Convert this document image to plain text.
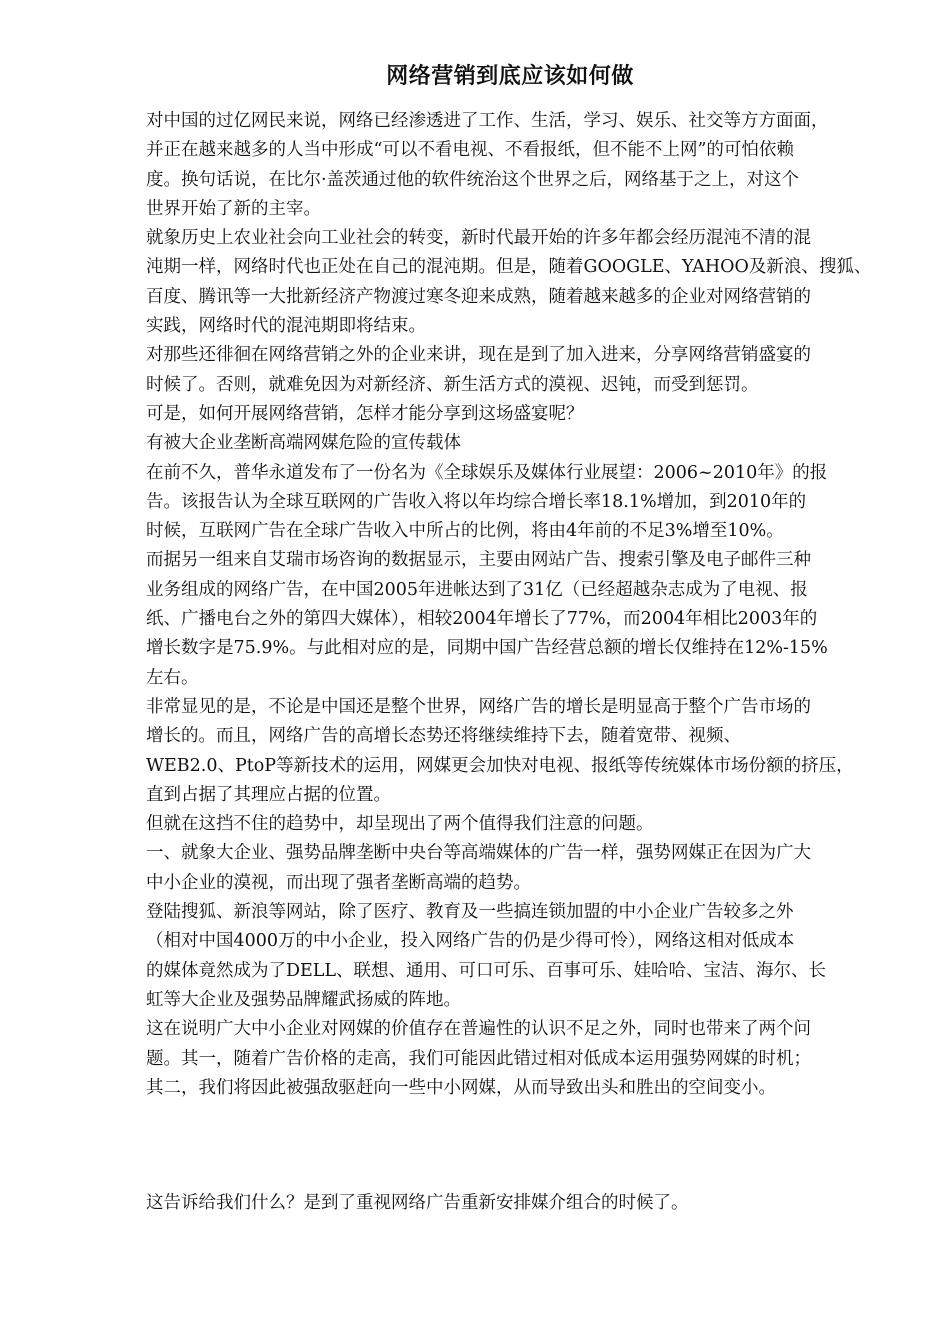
网络营销到底应该如何做
对中国的过亿网民来说，网络已经渗透进了工作、生活，学习、娱乐、社交等方方面面，
并正在越来越多的人当中形成“可以不看电视、不看报纸，但不能不上网”的可怕依赖
度。换句话说，在比尔·盖茨通过他的软件统治这个世界之后，网络基于之上，对这个
世界开始了新的主宰。
就象历史上农业社会向工业社会的转变，新时代最开始的许多年都会经历混沌不清的混
沌期一样，网络时代也正处在自己的混沌期。但是，随着GOOGLE、YAHOO及新浪、搜狐、
百度、腾讯等一大批新经济产物渡过寒冬迎来成熟，随着越来越多的企业对网络营销的
实践，网络时代的混沌期即将结束。
对那些还徘徊在网络营销之外的企业来讲，现在是到了加入进来，分享网络营销盛宴的
时候了。否则，就难免因为对新经济、新生活方式的漠视、迟钝，而受到惩罚。
可是，如何开展网络营销，怎样才能分享到这场盛宴呢？
有被大企业垄断高端网媒危险的宣传载体
在前不久，普华永道发布了一份名为《全球娱乐及媒体行业展望：2006~2010年》的报
告。该报告认为全球互联网的广告收入将以年均综合增长率18.1%增加，到2010年的
时候，互联网广告在全球广告收入中所占的比例，将由4年前的不足3%增至10%。
而据另一组来自艾瑞市场咨询的数据显示，主要由网站广告、搜索引擎及电子邮件三种
业务组成的网络广告，在中国2005年进帐达到了31亿（已经超越杂志成为了电视、报
纸、广播电台之外的第四大媒体），相较2004年增长了77%，而2004年相比2003年的
增长数字是75.9%。与此相对应的是，同期中国广告经营总额的增长仅维持在12%-15%
左右。
非常显见的是，不论是中国还是整个世界，网络广告的增长是明显高于整个广告市场的
增长的。而且，网络广告的高增长态势还将继续维持下去，随着宽带、视频、
WEB2.0、PtoP等新技术的运用，网媒更会加快对电视、报纸等传统媒体市场份额的挤压，
直到占据了其理应占据的位置。
但就在这挡不住的趋势中，却呈现出了两个值得我们注意的问题。
一、就象大企业、强势品牌垄断中央台等高端媒体的广告一样，强势网媒正在因为广大
中小企业的漠视，而出现了强者垄断高端的趋势。
登陆搜狐、新浪等网站，除了医疗、教育及一些搞连锁加盟的中小企业广告较多之外
（相对中国4000万的中小企业，投入网络广告的仍是少得可怜），网络这相对低成本
的媒体竟然成为了DELL、联想、通用、可口可乐、百事可乐、娃哈哈、宝洁、海尔、长
虹等大企业及强势品牌耀武扬威的阵地。
这在说明广大中小企业对网媒的价值存在普遍性的认识不足之外，同时也带来了两个问
题。其一，随着广告价格的走高，我们可能因此错过相对低成本运用强势网媒的时机；
其二，我们将因此被强敌驱赶向一些中小网媒，从而导致出头和胜出的空间变小。
这告诉给我们什么？是到了重视网络广告重新安排媒介组合的时候了。
